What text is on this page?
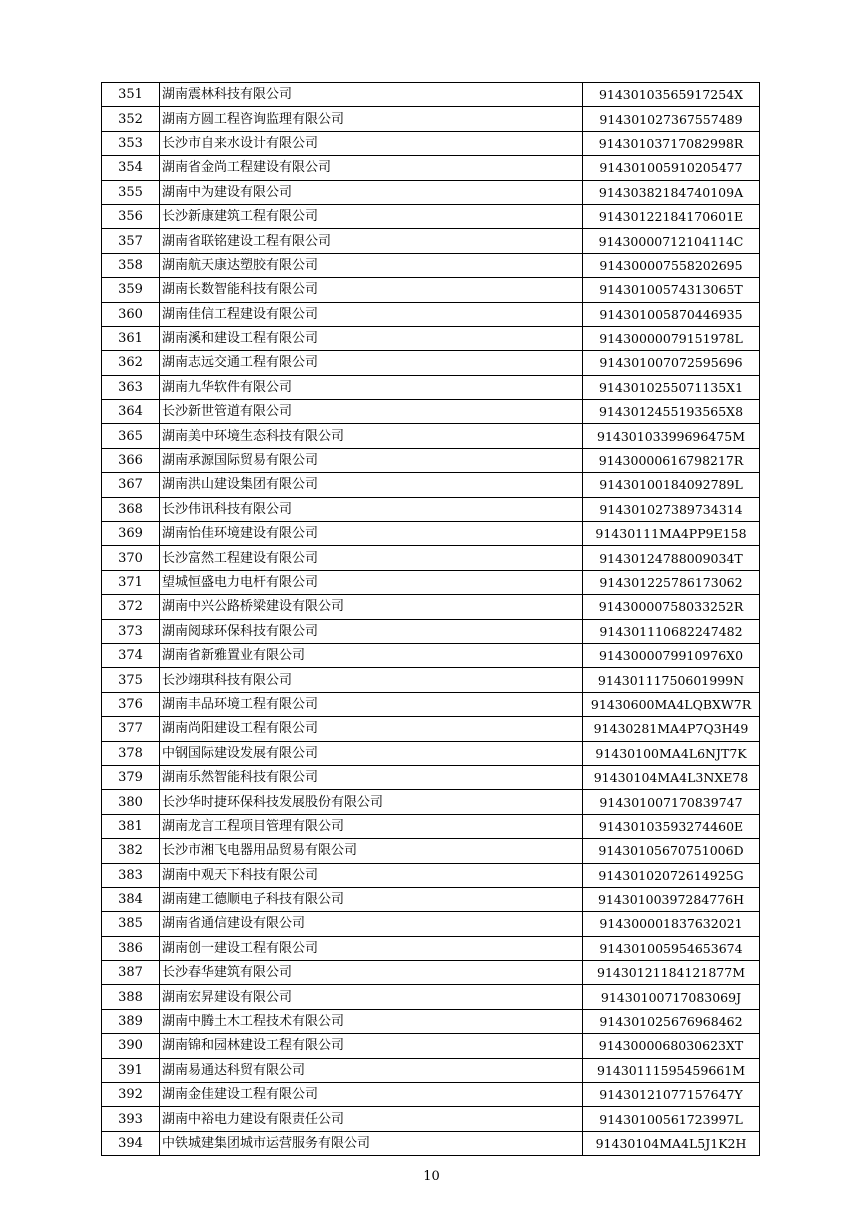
351	湖南震林科技有限公司	91430103565917254X
352	湖南方圆工程咨询监理有限公司	914301027367557489
353	长沙市自来水设计有限公司	91430103717082998R
354	湖南省金尚工程建设有限公司	914301005910205477
355	湖南中为建设有限公司	91430382184740109A
356	长沙新康建筑工程有限公司	91430122184170601E
357	湖南省联铭建设工程有限公司	91430000712104114C
358	湖南航天康达塑胶有限公司	914300007558202695
359	湖南长数智能科技有限公司	91430100574313065T
360	湖南佳信工程建设有限公司	914301005870446935
361	湖南溪和建设工程有限公司	91430000079151978L
362	湖南志远交通工程有限公司	914301007072595696
363	湖南九华软件有限公司	9143010255071135X1
364	长沙新世管道有限公司	9143012455193565X8
365	湖南美中环境生态科技有限公司	91430103399696475M
366	湖南承源国际贸易有限公司	91430000616798217R
367	湖南洪山建设集团有限公司	91430100184092789L
368	长沙伟讯科技有限公司	914301027389734314
369	湖南怡佳环境建设有限公司	91430111MA4PP9E158
370	长沙富然工程建设有限公司	91430124788009034T
371	望城恒盛电力电杆有限公司	914301225786173062
372	湖南中兴公路桥梁建设有限公司	91430000758033252R
373	湖南阅球环保科技有限公司	914301110682247482
374	湖南省新雅置业有限公司	9143000079910976X0
375	长沙翊琪科技有限公司	91430111750601999N
376	湖南丰品环境工程有限公司	91430600MA4LQBXW7R
377	湖南尚阳建设工程有限公司	91430281MA4P7Q3H49
378	中钢国际建设发展有限公司	91430100MA4L6NJT7K
379	湖南乐然智能科技有限公司	91430104MA4L3NXE78
380	长沙华时捷环保科技发展股份有限公司	914301007170839747
381	湖南龙言工程项目管理有限公司	91430103593274460E
382	长沙市湘飞电器用品贸易有限公司	91430105670751006D
383	湖南中观天下科技有限公司	91430102072614925G
384	湖南建工德顺电子科技有限公司	91430100397284776H
385	湖南省通信建设有限公司	914300001837632021
386	湖南创一建设工程有限公司	914301005954653674
387	长沙春华建筑有限公司	91430121184121877M
388	湖南宏昇建设有限公司	91430100717083069J
389	湖南中腾土木工程技术有限公司	914301025676968462
390	湖南锦和园林建设工程有限公司	9143000068030623XT
391	湖南易通达科贸有限公司	91430111595459661M
392	湖南金佳建设工程有限公司	91430121077157647Y
393	湖南中裕电力建设有限责任公司	91430100561723997L
394	中铁城建集团城市运营服务有限公司	91430104MA4L5J1K2H
10
